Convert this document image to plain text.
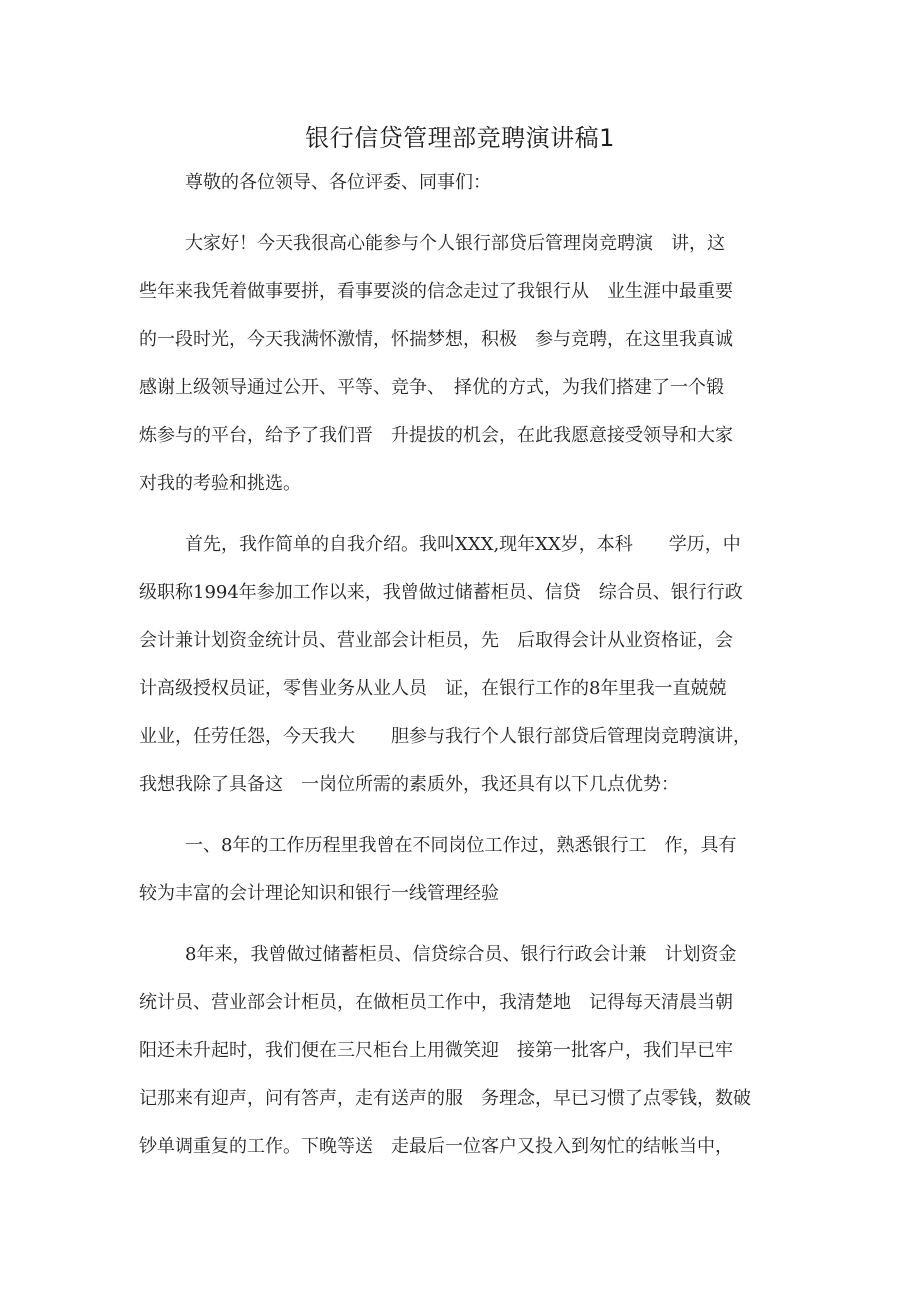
银行信贷管理部竞聘演讲稿1

尊敬的各位领导、各位评委、同事们：

大家好！今天我很高心能参与个人银行部贷后管理岗竞聘演　讲，这

些年来我凭着做事要拼，看事要淡的信念走过了我银行从　业生涯中最重要

的一段时光，今天我满怀激情，怀揣梦想，积极　参与竞聘，在这里我真诚

感谢上级领导通过公开、平等、竞争、　择优的方式，为我们搭建了一个锻

炼参与的平台，给予了我们晋　升提拔的机会，在此我愿意接受领导和大家

对我的考验和挑选。

首先，我作简单的自我介绍。我叫XXX,现年XX岁，本科　　学历，中

级职称1994年参加工作以来，我曾做过储蓄柜员、信贷　综合员、银行行政

会计兼计划资金统计员、营业部会计柜员，先　后取得会计从业资格证，会

计高级授权员证，零售业务从业人员　证，在银行工作的8年里我一直兢兢

业业，任劳任怨，今天我大　　胆参与我行个人银行部贷后管理岗竞聘演讲，

我想我除了具备这　一岗位所需的素质外，我还具有以下几点优势：

一、8年的工作历程里我曾在不同岗位工作过，熟悉银行工　作，具有

较为丰富的会计理论知识和银行一线管理经验

8年来，我曾做过储蓄柜员、信贷综合员、银行行政会计兼　计划资金

统计员、营业部会计柜员，在做柜员工作中，我清楚地　记得每天清晨当朝

阳还未升起时，我们便在三尺柜台上用微笑迎　接第一批客户，我们早已牢

记那来有迎声，问有答声，走有送声的服　务理念，早已习惯了点零钱，数破

钞单调重复的工作。下晚等送　走最后一位客户又投入到匆忙的结帐当中，
